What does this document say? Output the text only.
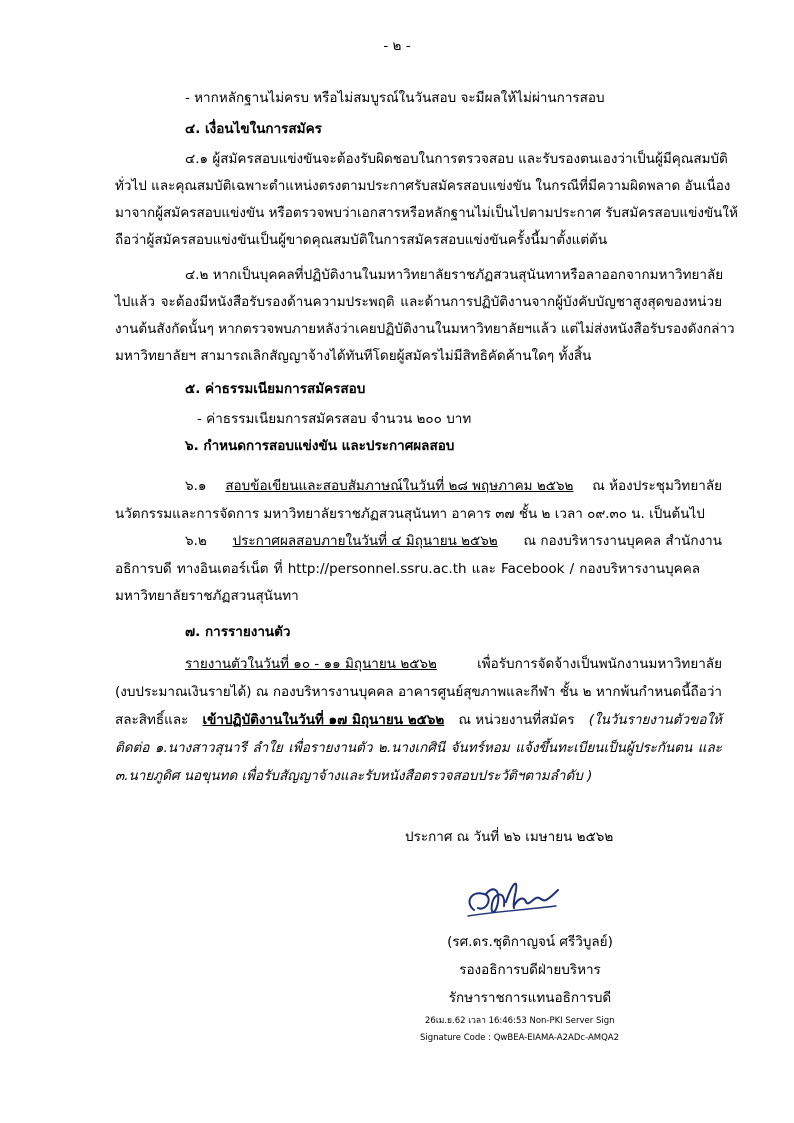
- ๒ -
- หากหลักฐานไม่ครบ หรือไม่สมบูรณ์ในวันสอบ จะมีผลให้ไม่ผ่านการสอบ
๔. เงื่อนไขในการสมัคร
๔.๑ ผู้สมัครสอบแข่งขันจะต้องรับผิดชอบในการตรวจสอบ และรับรองตนเองว่าเป็นผู้มีคุณสมบัติ
ทั่วไป และคุณสมบัติเฉพาะตำแหน่งตรงตามประกาศรับสมัครสอบแข่งขัน ในกรณีที่มีความผิดพลาด อันเนื่อง
มาจากผู้สมัครสอบแข่งขัน หรือตรวจพบว่าเอกสารหรือหลักฐานไม่เป็นไปตามประกาศ รับสมัครสอบแข่งขันให้
ถือว่าผู้สมัครสอบแข่งขันเป็นผู้ขาดคุณสมบัติในการสมัครสอบแข่งขันครั้งนี้มาตั้งแต่ต้น
๔.๒ หากเป็นบุคคลที่ปฏิบัติงานในมหาวิทยาลัยราชภัฏสวนสุนันทาหรือลาออกจากมหาวิทยาลัย
ไปแล้ว จะต้องมีหนังสือรับรองด้านความประพฤติ และด้านการปฏิบัติงานจากผู้บังคับบัญชาสูงสุดของหน่วย
งานต้นสังกัดนั้นๆ หากตรวจพบภายหลังว่าเคยปฏิบัติงานในมหาวิทยาลัยฯแล้ว แต่ไม่ส่งหนังสือรับรองดังกล่าว
มหาวิทยาลัยฯ สามารถเลิกสัญญาจ้างได้ทันทีโดยผู้สมัครไม่มีสิทธิคัดค้านใดๆ ทั้งสิ้น
๕. ค่าธรรมเนียมการสมัครสอบ
- ค่าธรรมเนียมการสมัครสอบ จำนวน ๒๐๐ บาท
๖. กำหนดการสอบแข่งขัน และประกาศผลสอบ
๖.๑ สอบข้อเขียนและสอบสัมภาษณ์ในวันที่ ๒๘ พฤษภาคม ๒๕๖๒ ณ ห้องประชุมวิทยาลัย
นวัตกรรมและการจัดการ มหาวิทยาลัยราชภัฏสวนสุนันทา อาคาร ๓๗ ชั้น ๒ เวลา ๐๙.๓๐ น. เป็นต้นไป
๖.๒ ประกาศผลสอบภายในวันที่ ๔ มิถุนายน ๒๕๖๒ ณ กองบริหารงานบุคคล สำนักงาน
อธิการบดี ทางอินเตอร์เน็ต ที่ http://personnel.ssru.ac.th และ Facebook / กองบริหารงานบุคคล
มหาวิทยาลัยราชภัฏสวนสุนันทา
๗. การรายงานตัว
รายงานตัวในวันที่ ๑๐ - ๑๑ มิถุนายน ๒๕๖๒	เพื่อรับการจัดจ้างเป็นพนักงานมหาวิทยาลัย
(งบประมาณเงินรายได้) ณ กองบริหารงานบุคคล อาคารศูนย์สุขภาพและกีฬา ชั้น ๒ หากพ้นกำหนดนี้ถือว่า
สละสิทธิ์และ เข้าปฏิบัติงานในวันที่ ๑๗ มิถุนายน ๒๕๖๒ ณ หน่วยงานที่สมัคร (ในวันรายงานตัวขอให้
ติดต่อ ๑.นางสาวสุนารี ลำใย เพื่อรายงานตัว ๒.นางเกศินี จันทร์หอม แจ้งขึ้นทะเบียนเป็นผู้ประกันตน และ
๓.นายภูดิศ นอขุนทด เพื่อรับสัญญาจ้างและรับหนังสือตรวจสอบประวัติฯตามลำดับ )
ประกาศ ณ วันที่ ๒๖ เมษายน ๒๕๖๒
(รศ.ดร.ชุติกาญจน์ ศรีวิบูลย์)
รองอธิการบดีฝ่ายบริหาร
รักษาราชการแทนอธิการบดี
26เม.ย.62 เวลา 16:46:53 Non-PKI Server Sign
Signature Code : QwBEA-EIAMA-A2ADc-AMQA2
